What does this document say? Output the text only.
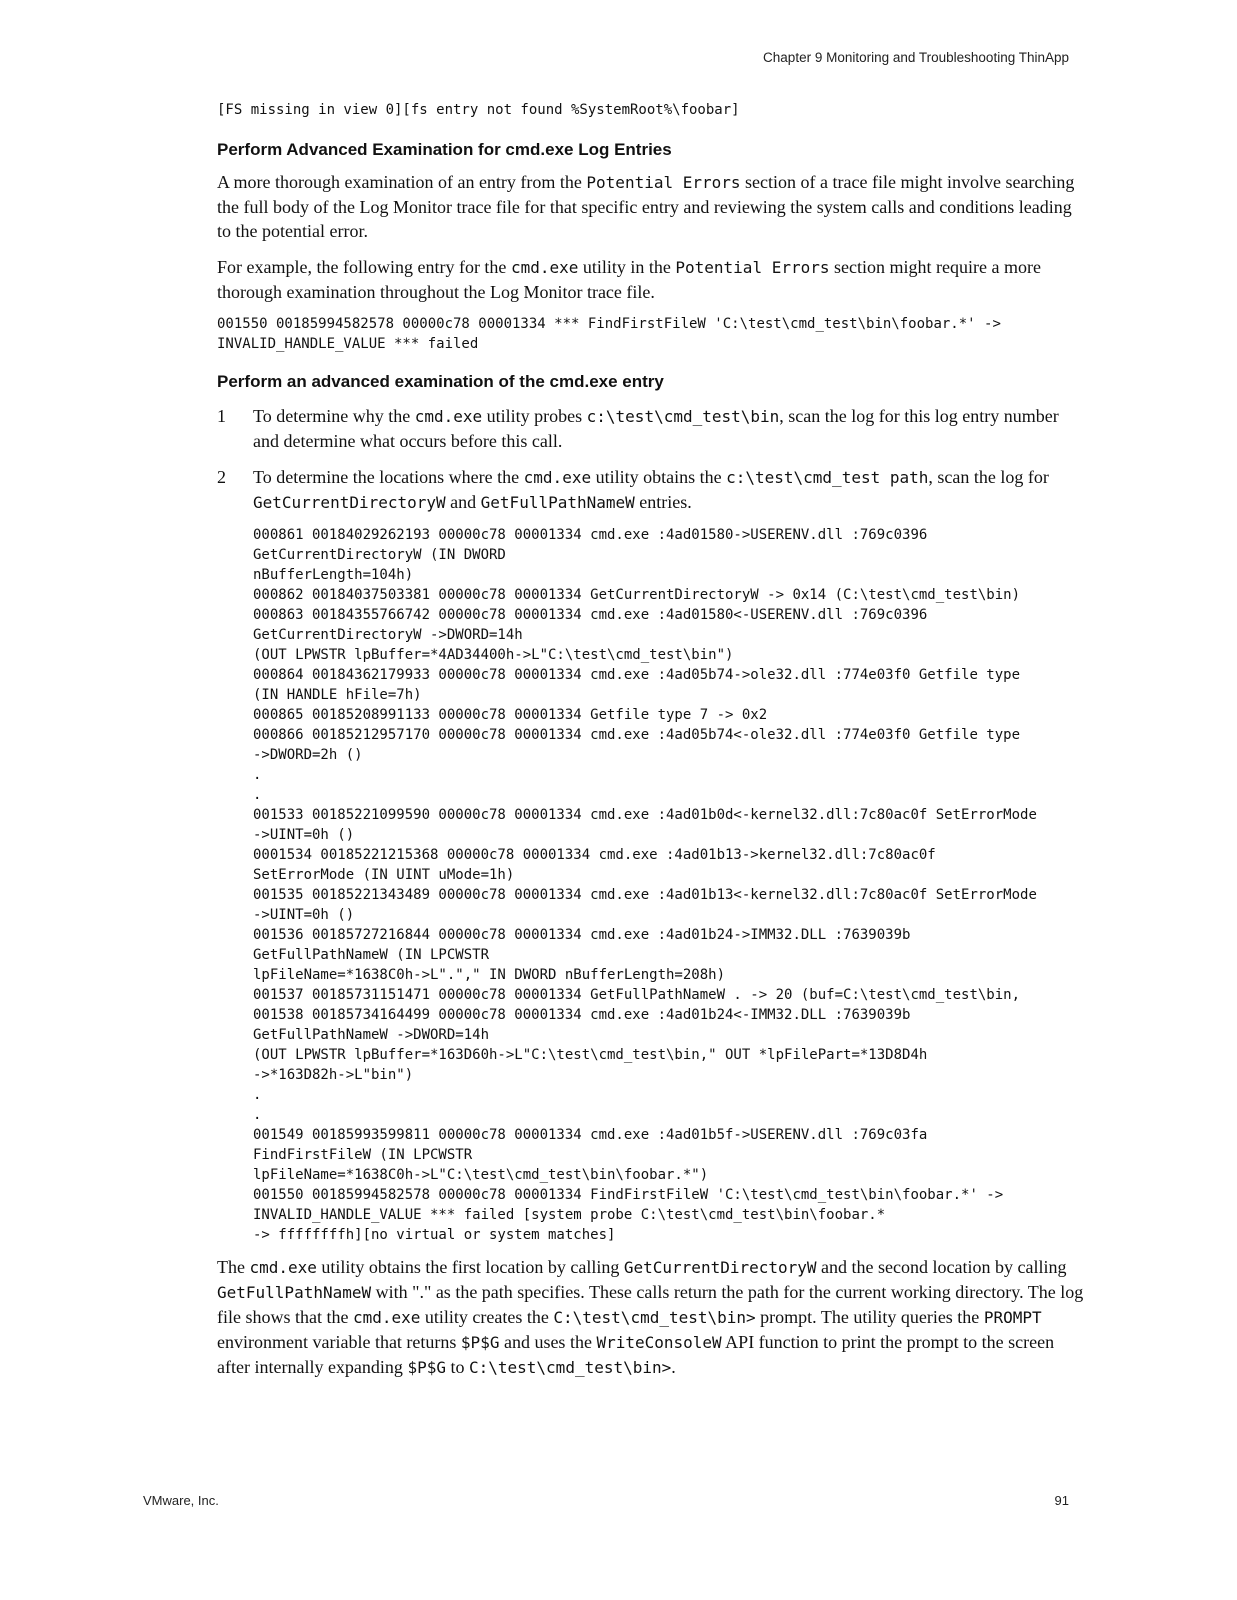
Chapter 9 Monitoring and Troubleshooting ThinApp
[FS missing in view 0][fs entry not found %SystemRoot%\foobar]
Perform Advanced Examination for cmd.exe Log Entries

A more thorough examination of an entry from the Potential Errors section of a trace file might involve searching the full body of the Log Monitor trace file for that specific entry and reviewing the system calls and conditions leading to the potential error.

For example, the following entry for the cmd.exe utility in the Potential Errors section might require a more thorough examination throughout the Log Monitor trace file.

001550 00185994582578 00000c78 00001334 *** FindFirstFileW 'C:\test\cmd_test\bin\foobar.*' ->
INVALID_HANDLE_VALUE *** failed
Perform an advanced examination of the cmd.exe entry
1 To determine why the cmd.exe utility probes c:\test\cmd_test\bin, scan the log for this log entry number and determine what occurs before this call.

2 To determine the locations where the cmd.exe utility obtains the c:\test\cmd_test path, scan the log for GetCurrentDirectoryW and GetFullPathNameW entries.

000861 00184029262193 00000c78 00001334 cmd.exe :4ad01580->USERENV.dll :769c0396
GetCurrentDirectoryW (IN DWORD
nBufferLength=104h)
000862 00184037503381 00000c78 00001334 GetCurrentDirectoryW -> 0x14 (C:\test\cmd_test\bin)
000863 00184355766742 00000c78 00001334 cmd.exe :4ad01580<-USERENV.dll :769c0396
GetCurrentDirectoryW ->DWORD=14h
(OUT LPWSTR lpBuffer=*4AD34400h->L"C:\test\cmd_test\bin")
000864 00184362179933 00000c78 00001334 cmd.exe :4ad05b74->ole32.dll :774e03f0 Getfile type
(IN HANDLE hFile=7h)
000865 00185208991133 00000c78 00001334 Getfile type 7 -> 0x2
000866 00185212957170 00000c78 00001334 cmd.exe :4ad05b74<-ole32.dll :774e03f0 Getfile type
->DWORD=2h ()
.
.
001533 00185221099590 00000c78 00001334 cmd.exe :4ad01b0d<-kernel32.dll:7c80ac0f SetErrorMode
->UINT=0h ()
0001534 00185221215368 00000c78 00001334 cmd.exe :4ad01b13->kernel32.dll:7c80ac0f
SetErrorMode (IN UINT uMode=1h)
001535 00185221343489 00000c78 00001334 cmd.exe :4ad01b13<-kernel32.dll:7c80ac0f SetErrorMode
->UINT=0h ()
001536 00185727216844 00000c78 00001334 cmd.exe :4ad01b24->IMM32.DLL :7639039b
GetFullPathNameW (IN LPCWSTR
lpFileName=*1638C0h->L"."," IN DWORD nBufferLength=208h)
001537 00185731151471 00000c78 00001334 GetFullPathNameW . -> 20 (buf=C:\test\cmd_test\bin,
001538 00185734164499 00000c78 00001334 cmd.exe :4ad01b24<-IMM32.DLL :7639039b
GetFullPathNameW ->DWORD=14h
(OUT LPWSTR lpBuffer=*163D60h->L"C:\test\cmd_test\bin," OUT *lpFilePart=*13D8D4h
->*163D82h->L"bin")
.
.
001549 00185993599811 00000c78 00001334 cmd.exe :4ad01b5f->USERENV.dll :769c03fa
FindFirstFileW (IN LPCWSTR
lpFileName=*1638C0h->L"C:\test\cmd_test\bin\foobar.*")
001550 00185994582578 00000c78 00001334 FindFirstFileW 'C:\test\cmd_test\bin\foobar.*' ->
INVALID_HANDLE_VALUE *** failed [system probe C:\test\cmd_test\bin\foobar.*
-> ffffffffh][no virtual or system matches]

The cmd.exe utility obtains the first location by calling GetCurrentDirectoryW and the second location by calling GetFullPathNameW with "." as the path specifies. These calls return the path for the current working directory. The log file shows that the cmd.exe utility creates the C:\test\cmd_test\bin> prompt. The utility queries the PROMPT environment variable that returns $P$G and uses the WriteConsoleW API function to print the prompt to the screen after internally expanding $P$G to C:\test\cmd_test\bin>.

VMware, Inc.	91
